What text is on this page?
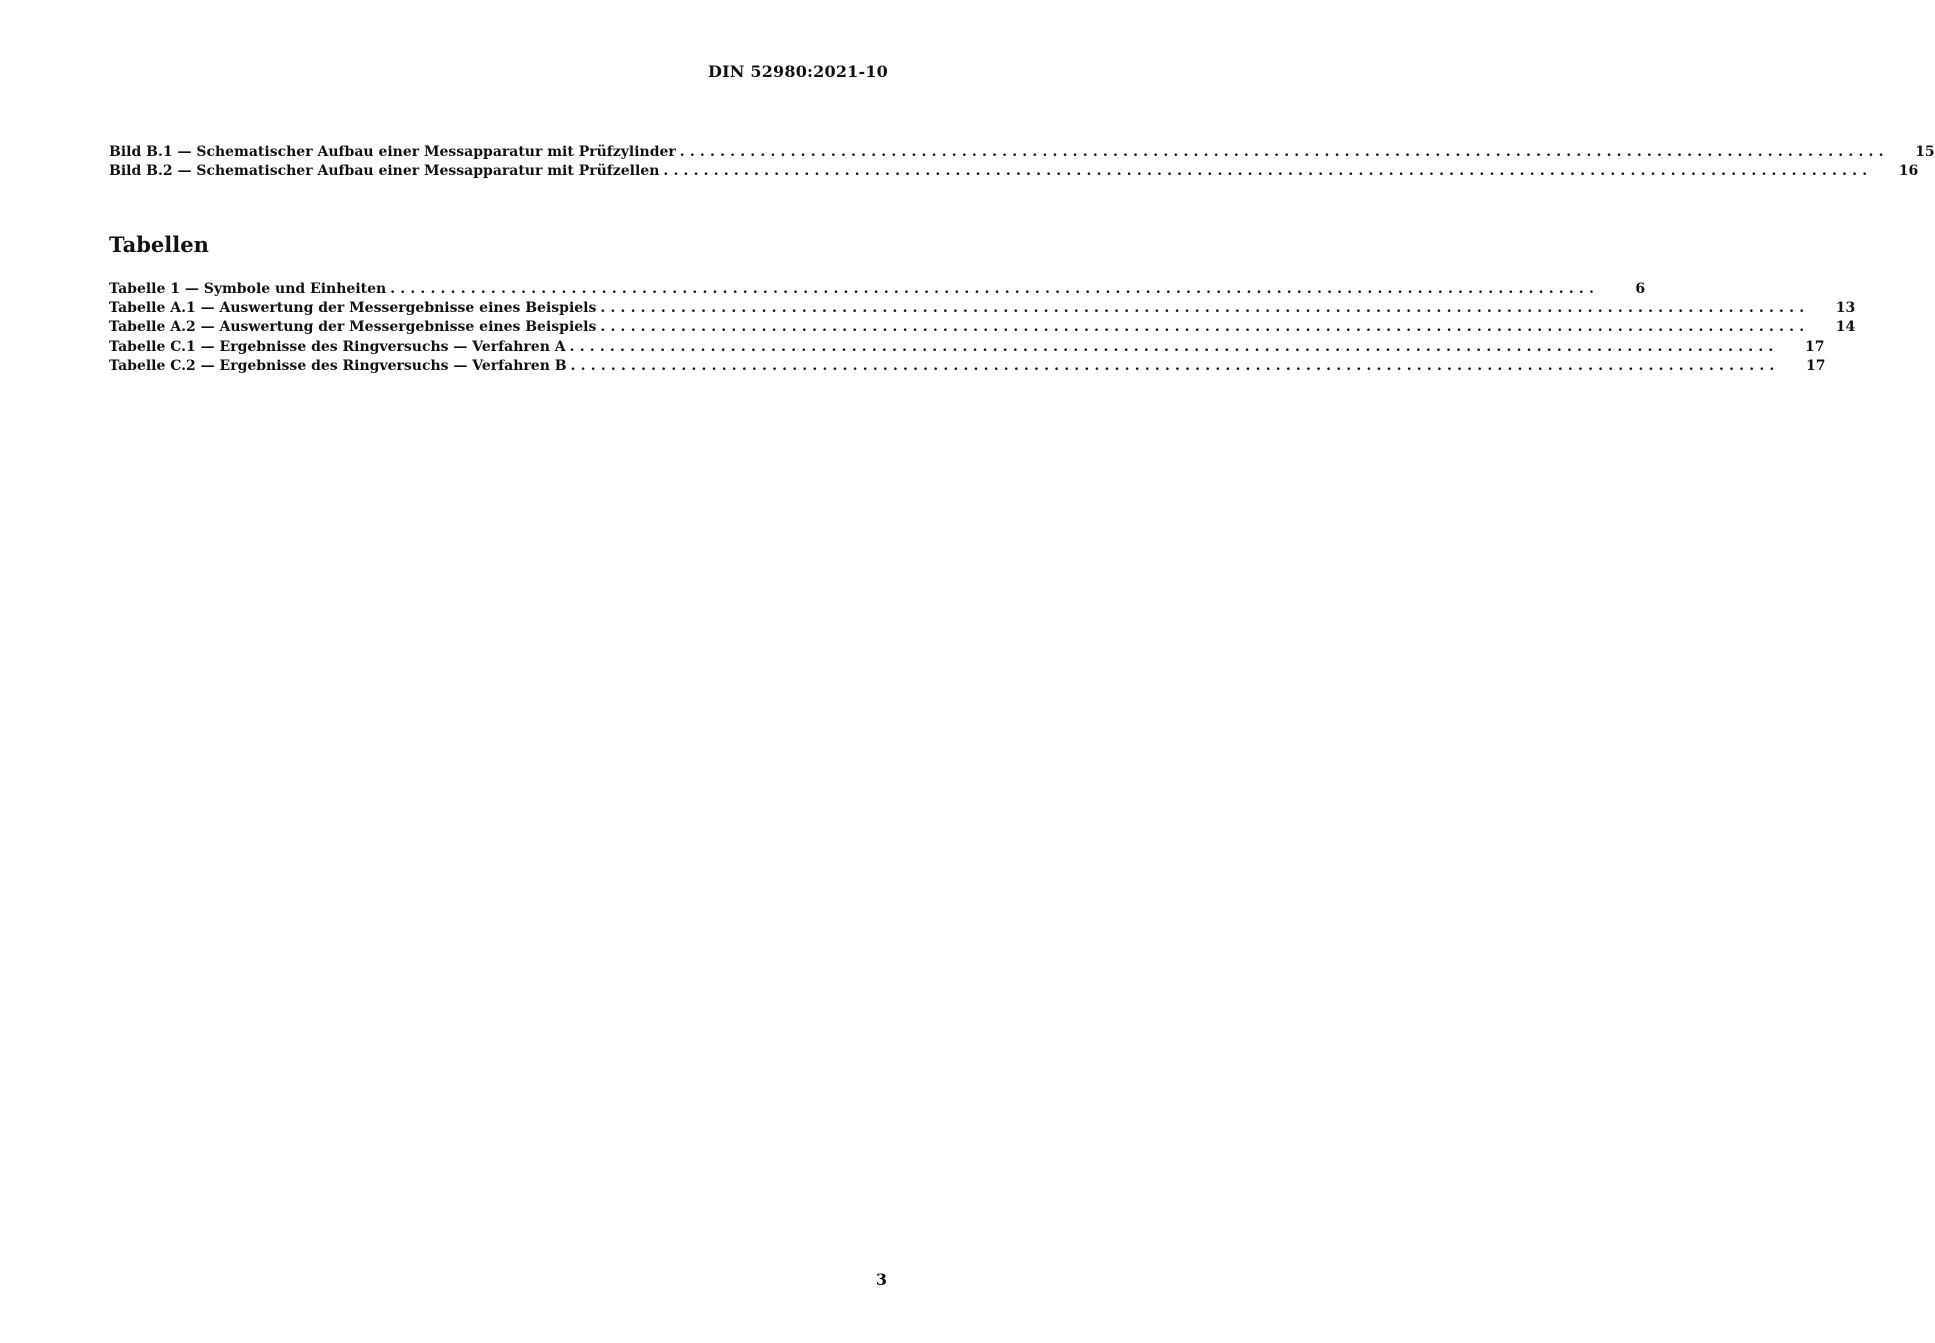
DIN 52980:2021-10
Bild B.1 — Schematischer Aufbau einer Messapparatur mit Prüfzylinder ........................................................................................................................	15
Bild B.2 — Schematischer Aufbau einer Messapparatur mit Prüfzellen ........................................................................................................................	16
Tabellen
Tabelle 1 — Symbole und Einheiten ........................................................................................................................	6
Tabelle A.1 — Auswertung der Messergebnisse eines Beispiels ........................................................................................................................	13
Tabelle A.2 — Auswertung der Messergebnisse eines Beispiels ........................................................................................................................	14
Tabelle C.1 — Ergebnisse des Ringversuchs — Verfahren A ........................................................................................................................	17
Tabelle C.2 — Ergebnisse des Ringversuchs — Verfahren B ........................................................................................................................	17
3
